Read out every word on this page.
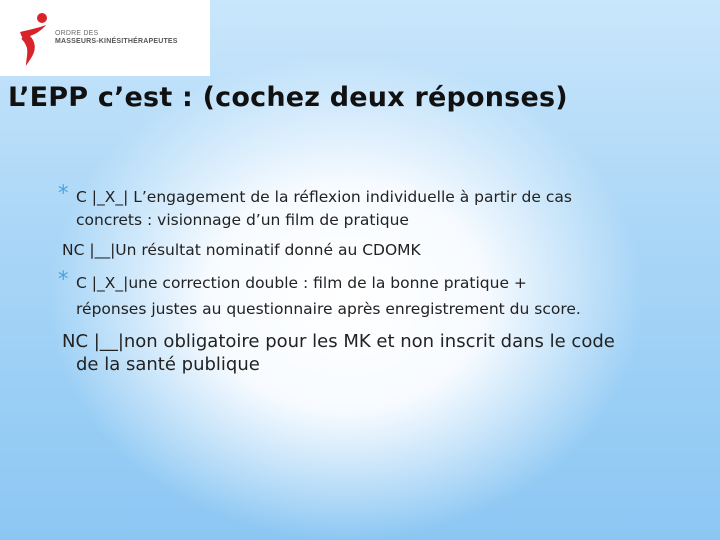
ORDRE DES
MASSEURS-KINÉSITHÉRAPEUTES
L’EPP c’est : (cochez deux réponses)
* C |_X_| L’engagement de la réflexion individuelle à partir de cas
concrets : visionnage d’un film de pratique
NC |__|Un résultat nominatif donné au CDOMK
* C |_X_|une correction double : film de la bonne pratique +
réponses justes au questionnaire après enregistrement du score.
NC |__|non obligatoire pour les MK et non inscrit dans le code
de la santé publique
